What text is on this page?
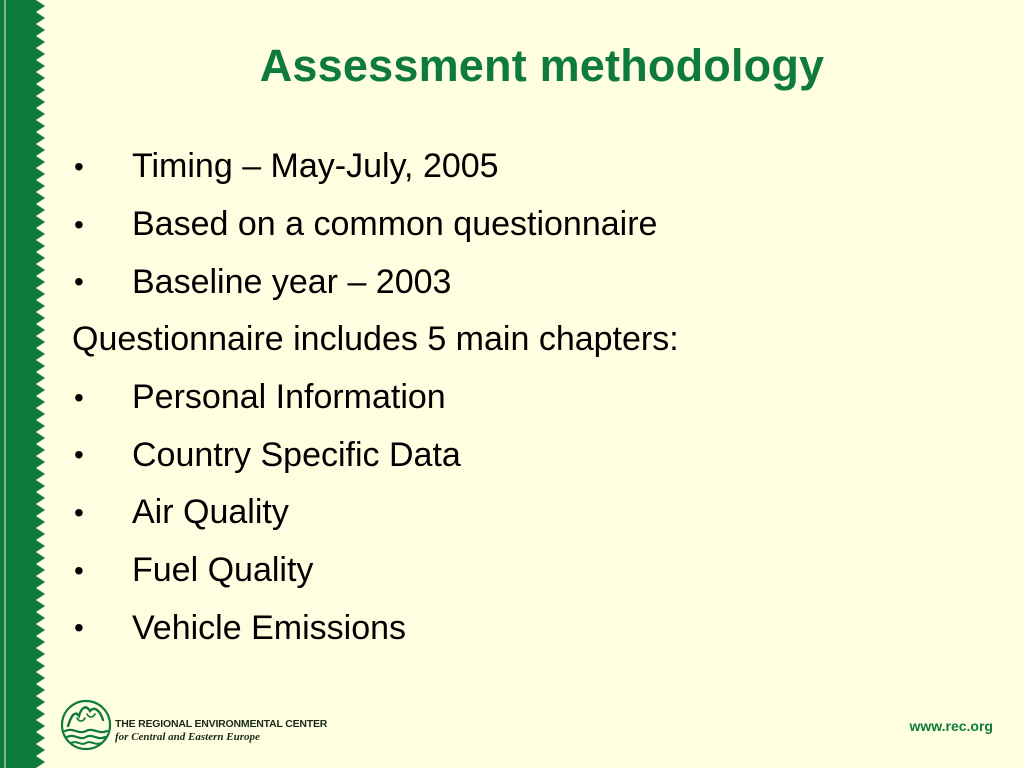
Assessment methodology
•	Timing – May-July, 2005
•	Based on a common questionnaire
•	Baseline year – 2003
Questionnaire includes 5 main chapters:
•	Personal Information
•	Country Specific Data
•	Air Quality
•	Fuel Quality
•	Vehicle Emissions
THE REGIONAL ENVIRONMENTAL CENTER
for Central and Eastern Europe
www.rec.org
